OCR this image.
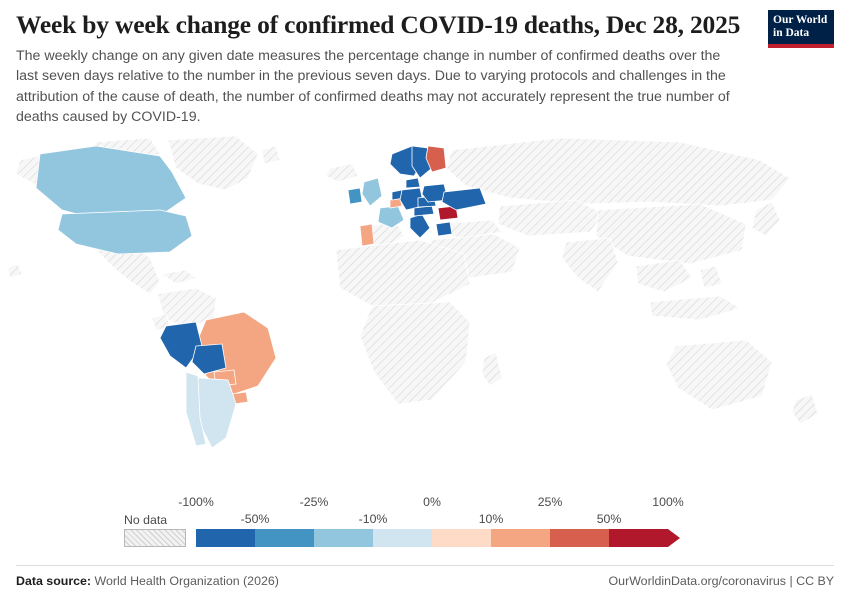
Week by week change of confirmed COVID-19 deaths, Dec 28, 2025
The weekly change on any given date measures the percentage change in number of confirmed deaths over the last seven days relative to the number in the previous seven days. Due to varying protocols and challenges in the attribution of the cause of death, the number of confirmed deaths may not accurately represent the true number of deaths caused by COVID-19.
Our World
in Data
-100%	-25%	0%	25%	100%
-50%	-10%	10%	50%
No data
Data source: World Health Organization (2026)	OurWorldinData.org/coronavirus | CC BY
